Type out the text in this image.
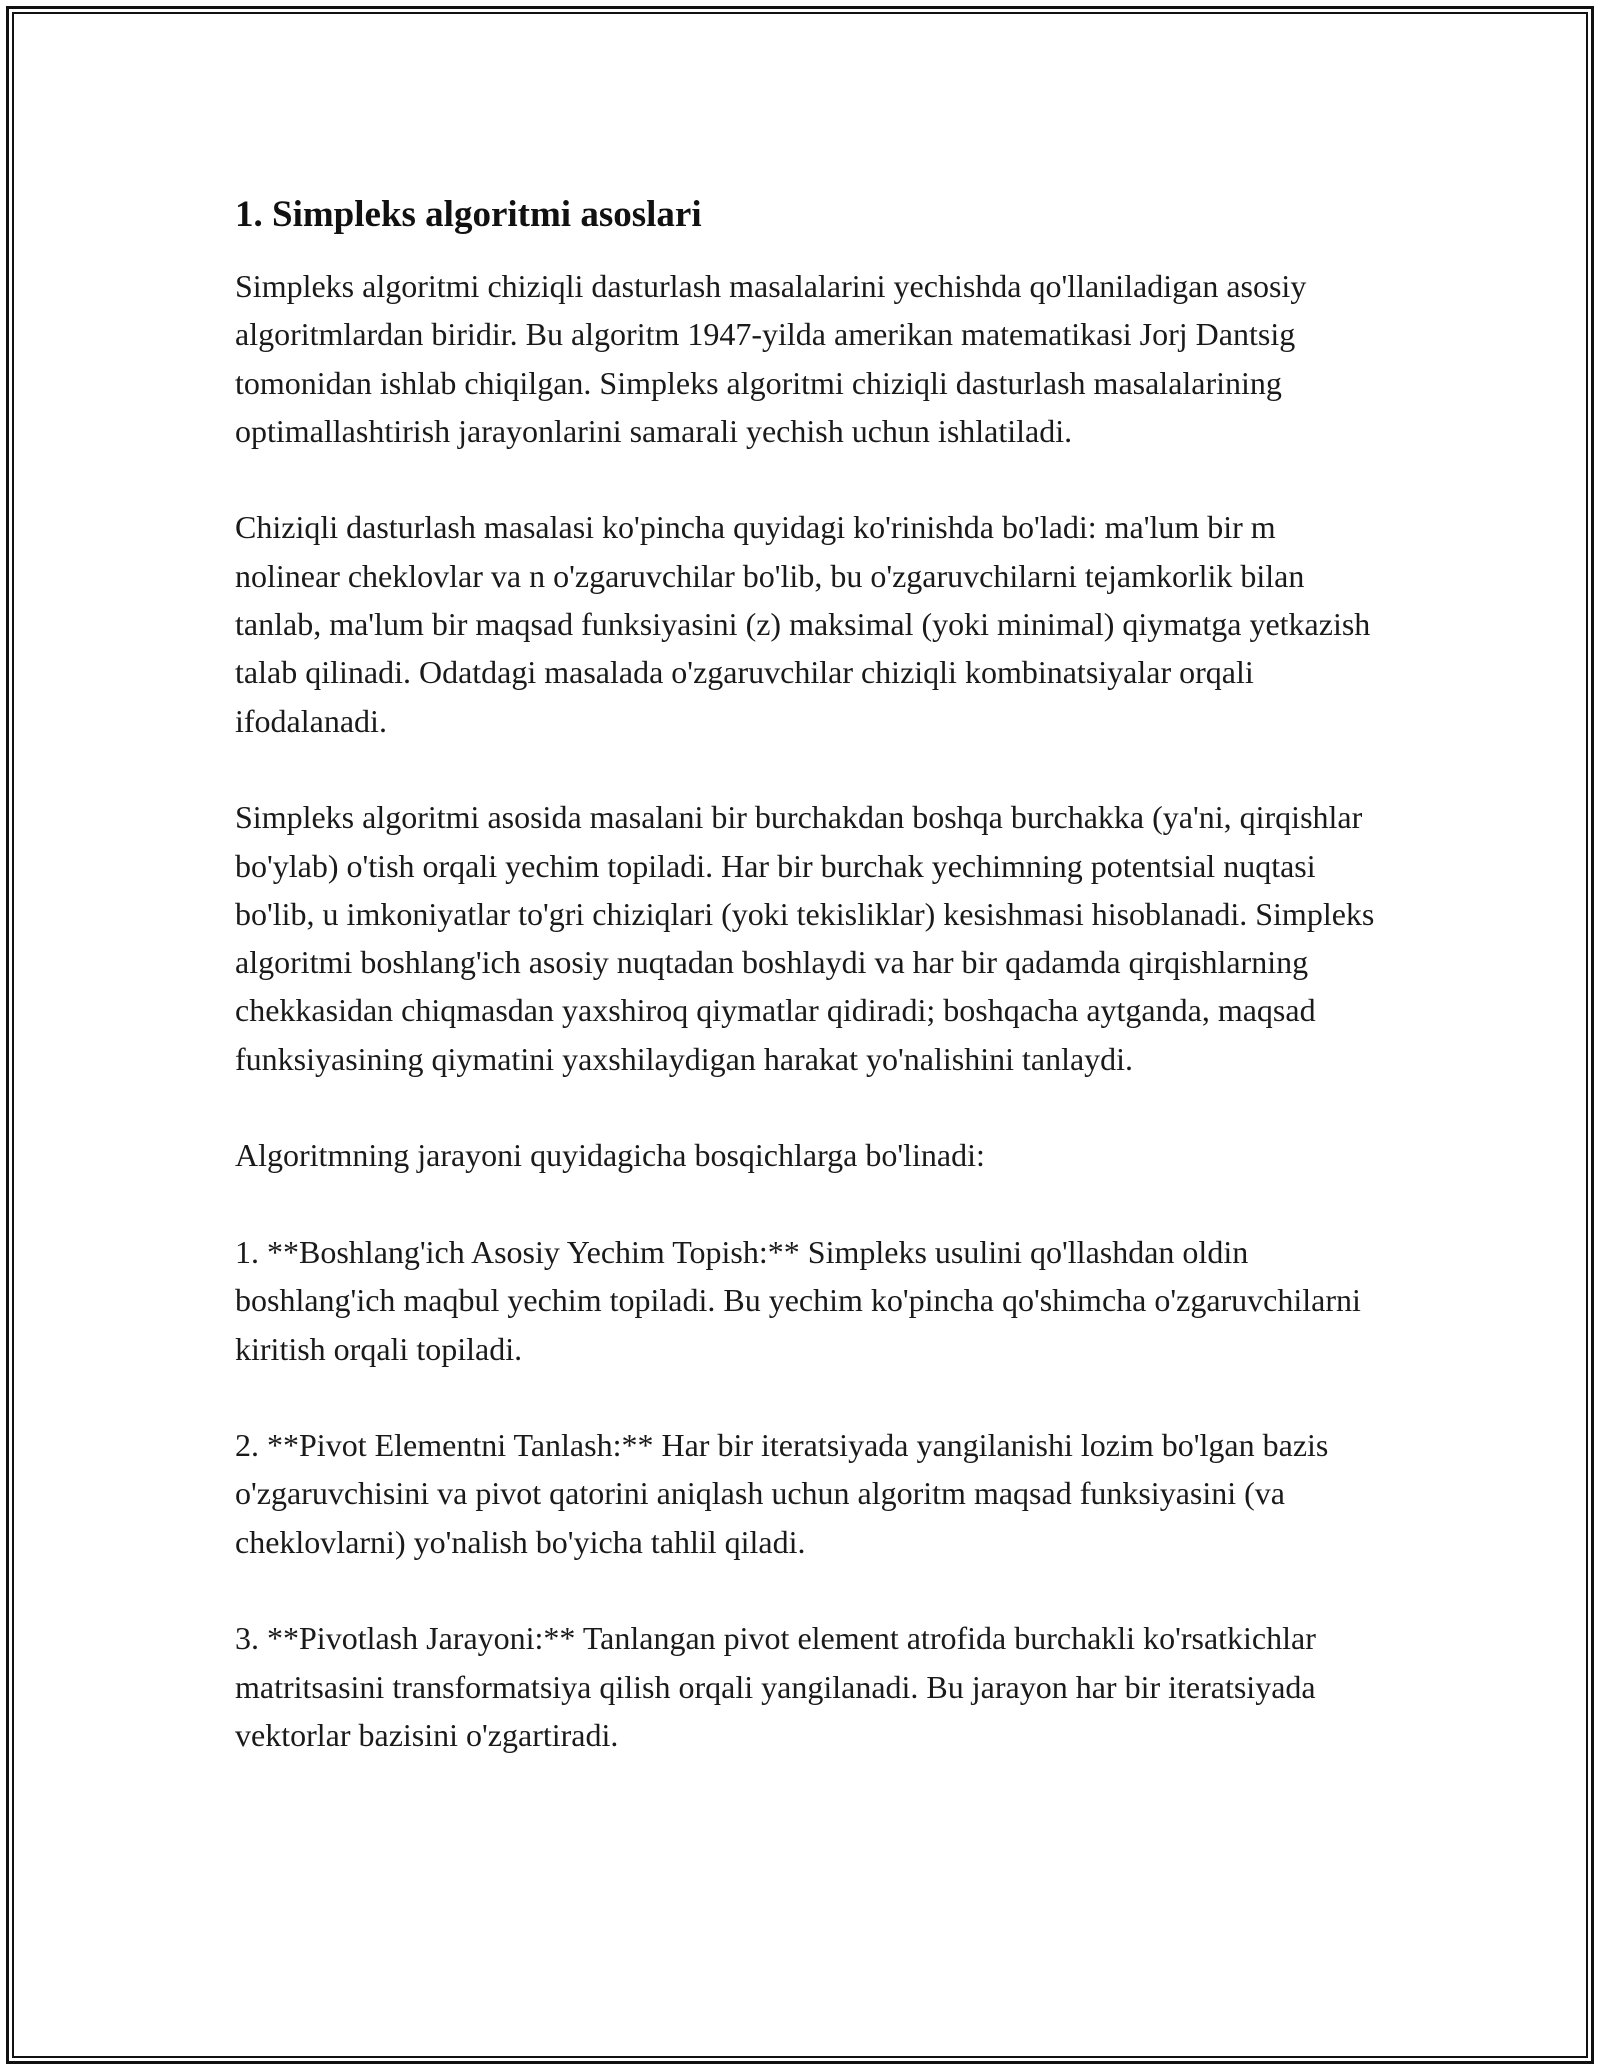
1. Simpleks algoritmi asoslari

Simpleks algoritmi chiziqli dasturlash masalalarini yechishda qo'llaniladigan asosiy algoritmlardan biridir. Bu algoritm 1947-yilda amerikan matematikasi Jorj Dantsig tomonidan ishlab chiqilgan. Simpleks algoritmi chiziqli dasturlash masalalarining optimallashtirish jarayonlarini samarali yechish uchun ishlatiladi.

Chiziqli dasturlash masalasi ko'pincha quyidagi ko'rinishda bo'ladi: ma'lum bir m nolinear cheklovlar va n o'zgaruvchilar bo'lib, bu o'zgaruvchilarni tejamkorlik bilan tanlab, ma'lum bir maqsad funksiyasini (z) maksimal (yoki minimal) qiymatga yetkazish talab qilinadi. Odatdagi masalada o'zgaruvchilar chiziqli kombinatsiyalar orqali ifodalanadi.

Simpleks algoritmi asosida masalani bir burchakdan boshqa burchakka (ya'ni, qirqishlar bo'ylab) o'tish orqali yechim topiladi. Har bir burchak yechimning potentsial nuqtasi bo'lib, u imkoniyatlar to'gri chiziqlari (yoki tekisliklar) kesishmasi hisoblanadi. Simpleks algoritmi boshlang'ich asosiy nuqtadan boshlaydi va har bir qadamda qirqishlarning chekkasidan chiqmasdan yaxshiroq qiymatlar qidiradi; boshqacha aytganda, maqsad funksiyasining qiymatini yaxshilaydigan harakat yo'nalishini tanlaydi.

Algoritmning jarayoni quyidagicha bosqichlarga bo'linadi:

1. **Boshlang'ich Asosiy Yechim Topish:** Simpleks usulini qo'llashdan oldin boshlang'ich maqbul yechim topiladi. Bu yechim ko'pincha qo'shimcha o'zgaruvchilarni kiritish orqali topiladi.

2. **Pivot Elementni Tanlash:** Har bir iteratsiyada yangilanishi lozim bo'lgan bazis o'zgaruvchisini va pivot qatorini aniqlash uchun algoritm maqsad funksiyasini (va cheklovlarni) yo'nalish bo'yicha tahlil qiladi.

3. **Pivotlash Jarayoni:** Tanlangan pivot element atrofida burchakli ko'rsatkichlar matritsasini transformatsiya qilish orqali yangilanadi. Bu jarayon har bir iteratsiyada vektorlar bazisini o'zgartiradi.
